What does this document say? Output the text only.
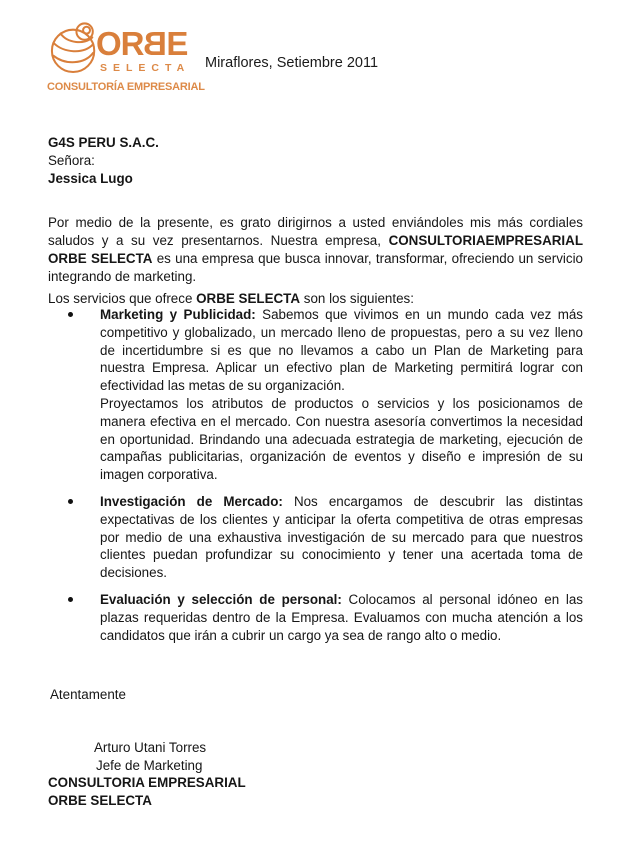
ORBE
SELECTA
CONSULTORÍA EMPRESARIAL
Miraflores, Setiembre 2011
G4S PERU S.A.C.
Señora:
Jessica Lugo

Por medio de la presente, es grato dirigirnos a usted enviándoles mis más cordiales saludos y a su vez presentarnos. Nuestra empresa, CONSULTORIAEMPRESARIAL ORBE SELECTA es una empresa que busca innovar, transformar, ofreciendo un servicio integrando de marketing.

Los servicios que ofrece ORBE SELECTA son los siguientes:

Marketing y Publicidad: Sabemos que vivimos en un mundo cada vez más competitivo y globalizado, un mercado lleno de propuestas, pero a su vez lleno de incertidumbre si es que no llevamos a cabo un Plan de Marketing para nuestra Empresa. Aplicar un efectivo plan de Marketing permitirá lograr con efectividad las metas de su organización.
Proyectamos los atributos de productos o servicios y los posicionamos de manera efectiva en el mercado. Con nuestra asesoría convertimos la necesidad en oportunidad. Brindando una adecuada estrategia de marketing, ejecución de campañas publicitarias, organización de eventos y diseño e impresión de su imagen corporativa.
Investigación de Mercado: Nos encargamos de descubrir las distintas expectativas de los clientes y anticipar la oferta competitiva de otras empresas por medio de una exhaustiva investigación de su mercado para que nuestros clientes puedan profundizar su conocimiento y tener una acertada toma de decisiones.
Evaluación y selección de personal: Colocamos al personal idóneo en las plazas requeridas dentro de la Empresa. Evaluamos con mucha atención a los candidatos que irán a cubrir un cargo ya sea de rango alto o medio.
Atentamente
Arturo Utani Torres
Jefe de Marketing
CONSULTORIA EMPRESARIAL
ORBE SELECTA
